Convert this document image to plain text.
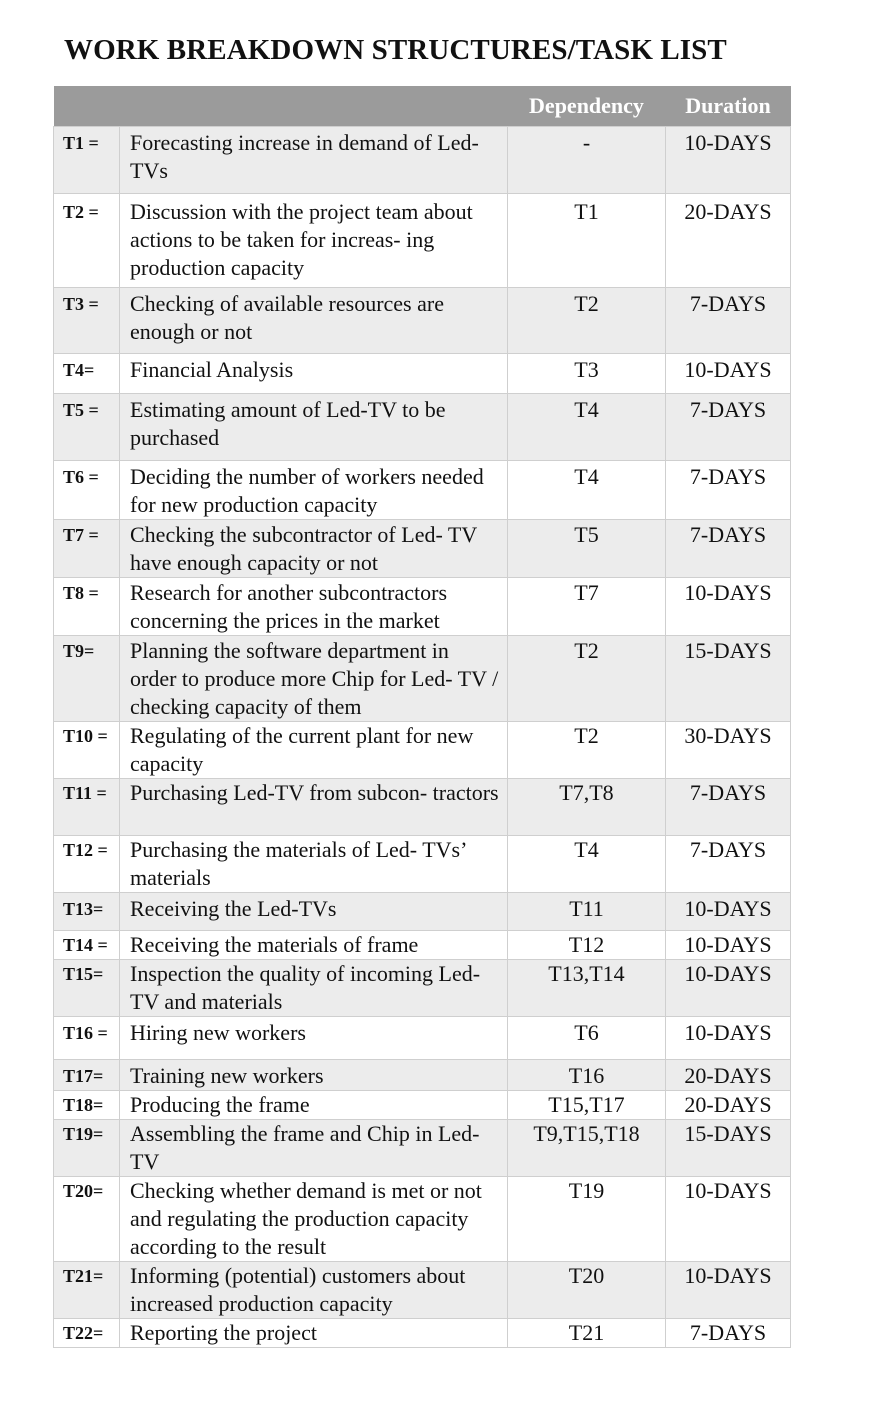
WORK BREAKDOWN STRUCTURES/TASK LIST
		Dependency	Duration
T1 =	Forecasting increase in demand of Led-TVs	-	10-DAYS
T2 =	Discussion with the project team about actions to be taken for increas- ing production capacity	T1	20-DAYS
T3 =	Checking of available resources are enough or not	T2	7-DAYS
T4=	Financial Analysis	T3	10-DAYS
T5 =	Estimating amount of Led-TV to be purchased	T4	7-DAYS
T6 =	Deciding the number of workers needed for new production capacity	T4	7-DAYS
T7 =	Checking the subcontractor of Led- TV have enough capacity or not	T5	7-DAYS
T8 =	Research for another subcontractors concerning the prices in the market	T7	10-DAYS
T9=	Planning the software department in order to produce more Chip for Led- TV / checking capacity of them	T2	15-DAYS
T10 =	Regulating of the current plant for new capacity	T2	30-DAYS
T11 =	Purchasing Led-TV from subcon- tractors	T7,T8	7-DAYS
T12 =	Purchasing the materials of Led- TVs’ materials	T4	7-DAYS
T13=	Receiving the Led-TVs	T11	10-DAYS
T14 =	Receiving the materials of frame	T12	10-DAYS
T15=	Inspection the quality of incoming Led-TV and materials	T13,T14	10-DAYS
T16 =	Hiring new workers	T6	10-DAYS
T17=	Training new workers	T16	20-DAYS
T18=	Producing the frame	T15,T17	20-DAYS
T19=	Assembling the frame and Chip in Led-TV	T9,T15,T18	15-DAYS
T20=	Checking whether demand is met or not and regulating the production capacity according to the result	T19	10-DAYS
T21=	Informing (potential) customers about increased production capacity	T20	10-DAYS
T22=	Reporting the project	T21	7-DAYS
